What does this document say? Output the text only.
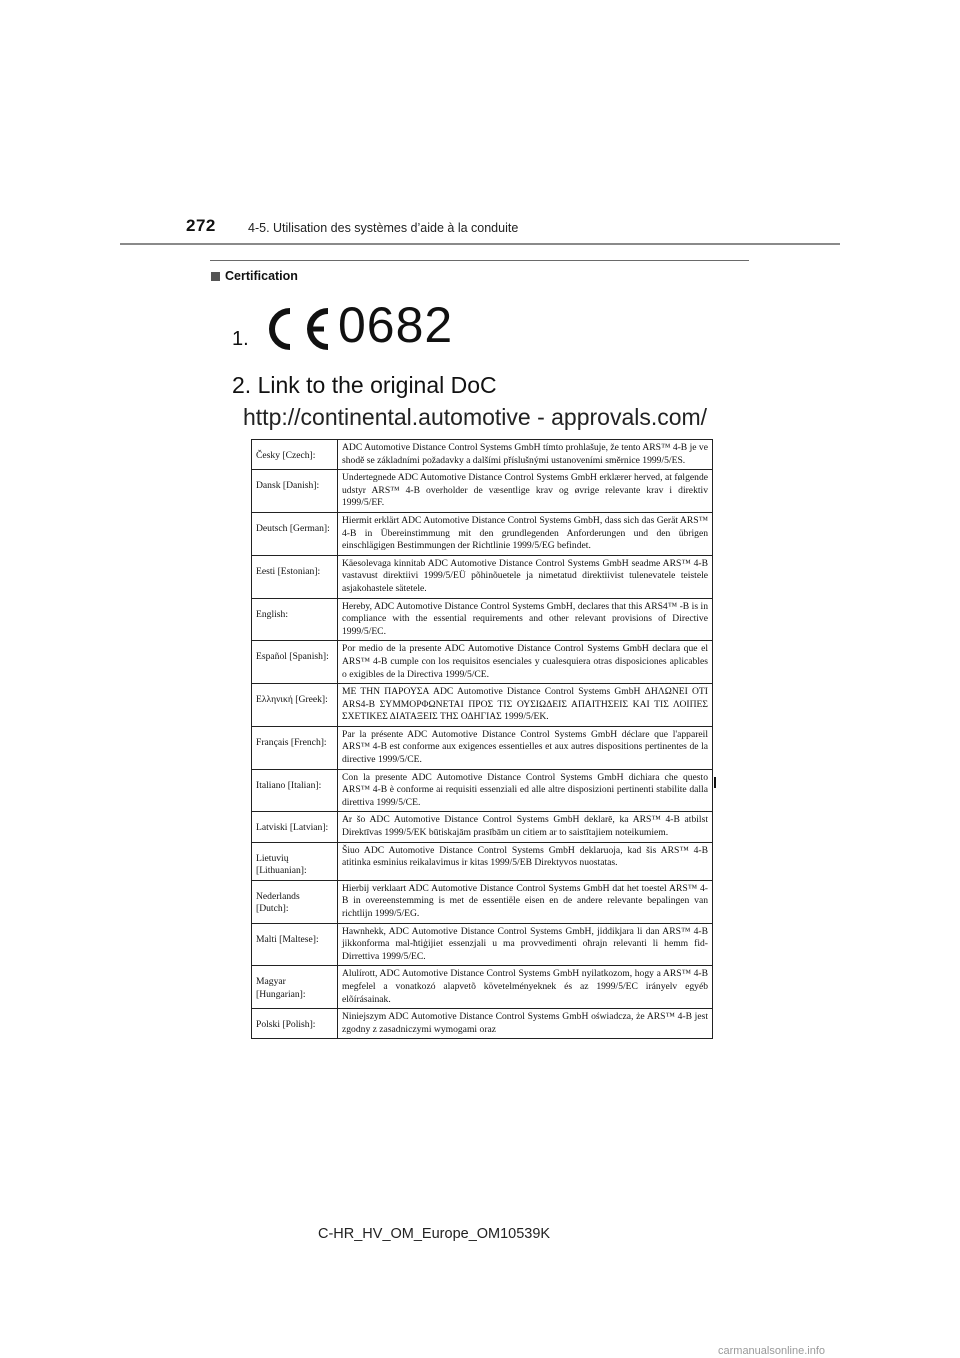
272	4-5. Utilisation des systèmes d’aide à la conduite
Certification
1. 0682
2. Link to the original DoC
http://continental.automotive - approvals.com/
Česky [Czech]:	ADC Automotive Distance Control Systems GmbH tímto prohlašuje, že tento ARS™ 4-B je ve shodě se základními požadavky a dalšími příslušnými ustanoveními směrnice 1999/5/ES.
Dansk [Danish]:	Undertegnede ADC Automotive Distance Control Systems GmbH erklærer herved, at følgende udstyr ARS™ 4-B overholder de væsentlige krav og øvrige relevante krav i direktiv 1999/5/EF.
Deutsch [German]:	Hiermit erklärt ADC Automotive Distance Control Systems GmbH, dass sich das Gerät ARS™ 4-B in Übereinstimmung mit den grundlegenden Anforderungen und den übrigen einschlägigen Bestimmungen der Richtlinie 1999/5/EG befindet.
Eesti [Estonian]:	Käesolevaga kinnitab ADC Automotive Distance Control Systems GmbH seadme ARS™ 4-B vastavust direktiivi 1999/5/EÜ põhinõuetele ja nimetatud direktiivist tulenevatele teistele asjakohastele sätetele.
English:	Hereby, ADC Automotive Distance Control Systems GmbH, declares that this ARS4™ -B is in compliance with the essential requirements and other relevant provisions of Directive 1999/5/EC.
Español [Spanish]:	Por medio de la presente ADC Automotive Distance Control Systems GmbH declara que el ARS™ 4-B cumple con los requisitos esenciales y cualesquiera otras disposiciones aplicables o exigibles de la Directiva 1999/5/CE.
Ελληνική [Greek]:	ΜΕ ΤΗΝ ΠΑΡΟΥΣΑ ADC Automotive Distance Control Systems GmbH ΔΗΛΩΝΕΙ ΟΤΙ ARS4-B ΣΥΜΜΟΡΦΩΝΕΤΑΙ ΠΡΟΣ ΤΙΣ ΟΥΣΙΩΔΕΙΣ ΑΠΑΙΤΗΣΕΙΣ ΚΑΙ ΤΙΣ ΛΟΙΠΕΣ ΣΧΕΤΙΚΕΣ ΔΙΑΤΑΞΕΙΣ ΤΗΣ ΟΔΗΓΙΑΣ 1999/5/ΕΚ.
Français [French]:	Par la présente ADC Automotive Distance Control Systems GmbH déclare que l'appareil ARS™ 4-B est conforme aux exigences essentielles et aux autres dispositions pertinentes de la directive 1999/5/CE.
Italiano [Italian]:	Con la presente ADC Automotive Distance Control Systems GmbH dichiara che questo ARS™ 4-B è conforme ai requisiti essenziali ed alle altre disposizioni pertinenti stabilite dalla direttiva 1999/5/CE.
Latviski [Latvian]:	Ar šo ADC Automotive Distance Control Systems GmbH deklarē, ka ARS™ 4-B atbilst Direktīvas 1999/5/EK būtiskajām prasībām un citiem ar to saistītajiem noteikumiem.
Lietuvių [Lithuanian]:	Šiuo ADC Automotive Distance Control Systems GmbH deklaruoja, kad šis ARS™ 4-B atitinka esminius reikalavimus ir kitas 1999/5/EB Direktyvos nuostatas.
Nederlands [Dutch]:	Hierbij verklaart ADC Automotive Distance Control Systems GmbH dat het toestel ARS™ 4-B in overeenstemming is met de essentiële eisen en de andere relevante bepalingen van richtlijn 1999/5/EG.
Malti [Maltese]:	Hawnhekk, ADC Automotive Distance Control Systems GmbH, jiddikjara li dan ARS™ 4-B jikkonforma mal-ħtiġijiet essenzjali u ma provvedimenti oħrajn relevanti li hemm fid-Dirrettiva 1999/5/EC.
Magyar [Hungarian]:	Alulírott, ADC Automotive Distance Control Systems GmbH nyilatkozom, hogy a ARS™ 4-B megfelel a vonatkozó alapvetõ követelményeknek és az 1999/5/EC irányelv egyéb elõírásainak.
Polski [Polish]:	Niniejszym ADC Automotive Distance Control Systems GmbH oświadcza, że ARS™ 4-B jest zgodny z zasadniczymi wymogami oraz
C-HR_HV_OM_Europe_OM10539K
carmanualsonline.info
